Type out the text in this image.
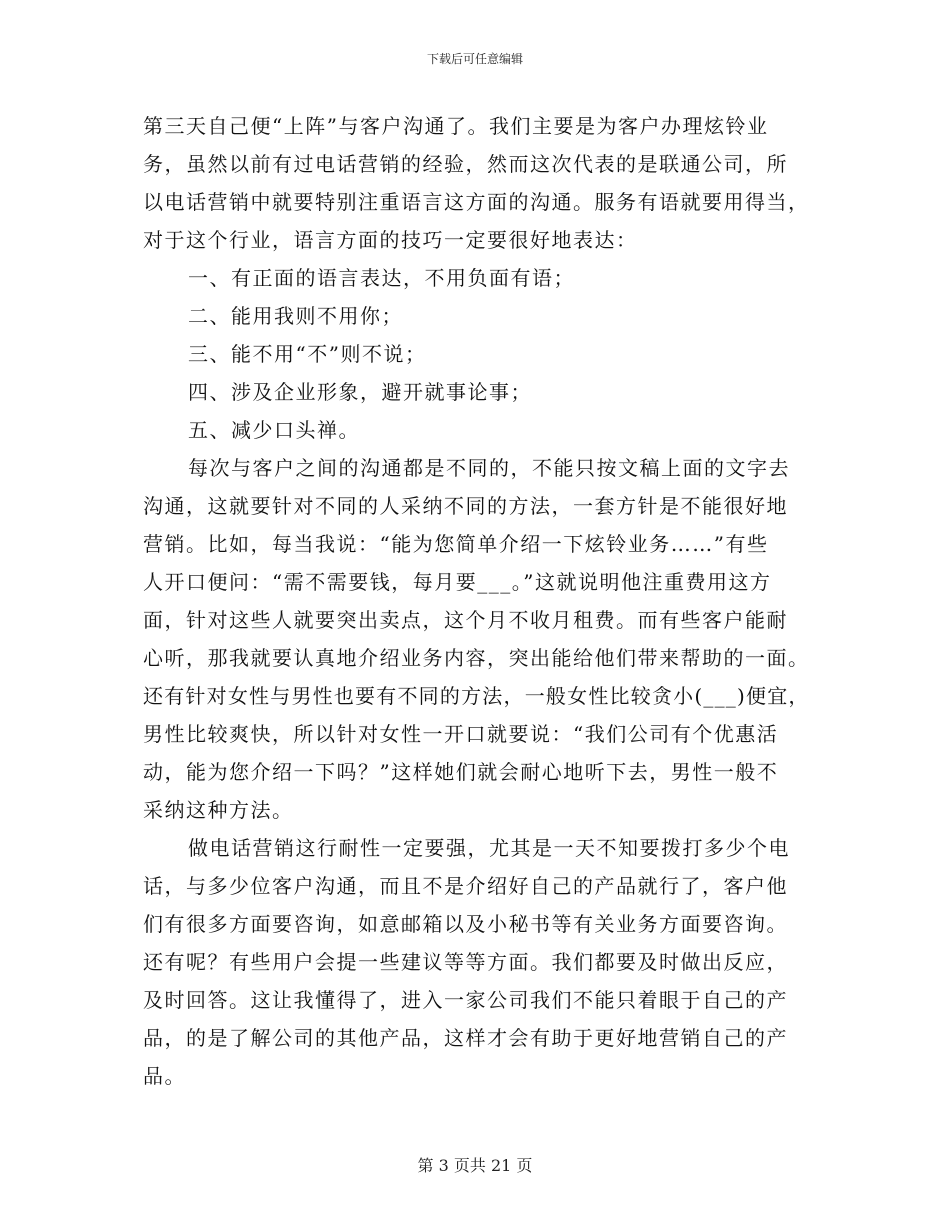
下载后可任意编辑
第三天自己便“上阵”与客户沟通了。我们主要是为客户办理炫铃业
务，虽然以前有过电话营销的经验，然而这次代表的是联通公司，所
以电话营销中就要特别注重语言这方面的沟通。服务有语就要用得当，
对于这个行业，语言方面的技巧一定要很好地表达：
一、有正面的语言表达，不用负面有语；
二、能用我则不用你；
三、能不用“不”则不说；
四、涉及企业形象，避开就事论事；
五、减少口头禅。
每次与客户之间的沟通都是不同的，不能只按文稿上面的文字去
沟通，这就要针对不同的人采纳不同的方法，一套方针是不能很好地
营销。比如，每当我说：“能为您简单介绍一下炫铃业务……”有些
人开口便问：“需不需要钱，每月要___。”这就说明他注重费用这方
面，针对这些人就要突出卖点，这个月不收月租费。而有些客户能耐
心听，那我就要认真地介绍业务内容，突出能给他们带来帮助的一面。
还有针对女性与男性也要有不同的方法，一般女性比较贪小(___)便宜，
男性比较爽快，所以针对女性一开口就要说：“我们公司有个优惠活
动，能为您介绍一下吗？”这样她们就会耐心地听下去，男性一般不
采纳这种方法。
做电话营销这行耐性一定要强，尤其是一天不知要拨打多少个电
话，与多少位客户沟通，而且不是介绍好自己的产品就行了，客户他
们有很多方面要咨询，如意邮箱以及小秘书等有关业务方面要咨询。
还有呢？有些用户会提一些建议等等方面。我们都要及时做出反应，
及时回答。这让我懂得了，进入一家公司我们不能只着眼于自己的产
品，的是了解公司的其他产品，这样才会有助于更好地营销自己的产
品。
第 3 页共 21 页
